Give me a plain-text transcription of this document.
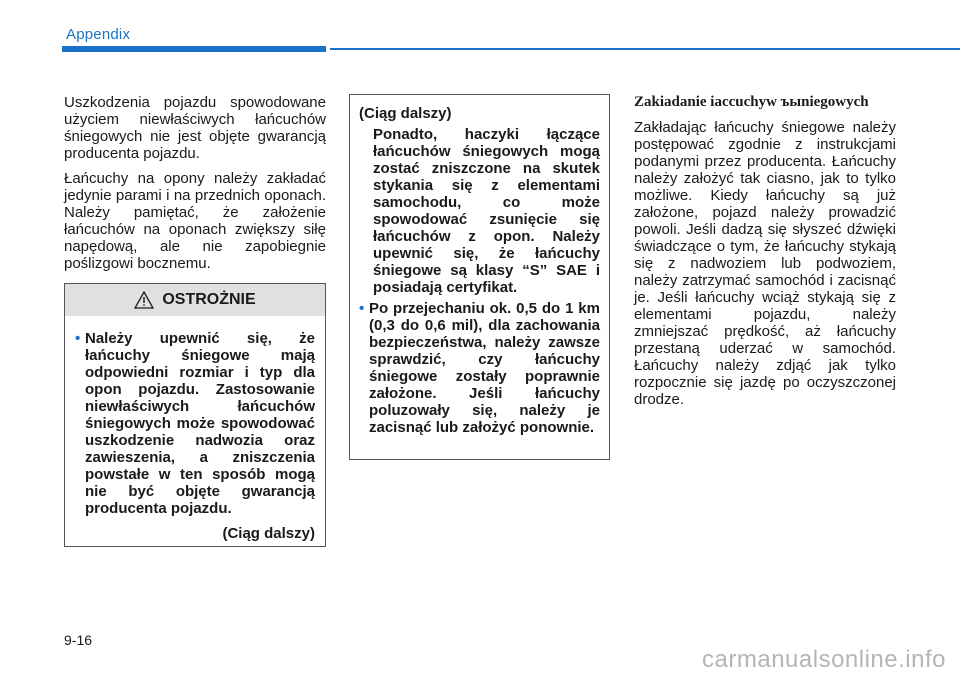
Appendix

Uszkodzenia pojazdu spowodowane użyciem niewłaściwych łańcuchów śniegowych nie jest objęte gwarancją producenta pojazdu.

Łańcuchy na opony należy zakładać jedynie parami i na przednich oponach. Należy pamiętać, że założenie łańcuchów na oponach zwiększy siłę napędową, ale nie zapobiegnie poślizgowi bocznemu.

OSTROŻNIE
• Należy upewnić się, że łańcuchy śniegowe mają odpowiedni rozmiar i typ dla opon pojazdu. Zastosowanie niewłaściwych łańcuchów śniegowych może spowodować uszkodzenie nadwozia oraz zawieszenia, a zniszczenia powstałe w ten sposób mogą nie być objęte gwarancją producenta pojazdu.
(Ciąg dalszy)
(Ciąg dalszy)
Ponadto, haczyki łączące łańcuchów śniegowych mogą zostać zniszczone na skutek stykania się z elementami samochodu, co może spowodować zsunięcie się łańcuchów z opon. Należy upewnić się, że łańcuchy śniegowe są klasy “S” SAE i posiadają certyfikat.
• Po przejechaniu ok. 0,5 do 1 km (0,3 do 0,6 mil), dla zachowania bezpieczeństwa, należy zawsze sprawdzić, czy łańcuchy śniegowe zostały poprawnie założone. Jeśli łańcuchy poluzowały się, należy je zacisnąć lub założyć ponownie.
Zakiadanie iaccuchyw ъыniegowych

Zakładając łańcuchy śniegowe należy postępować zgodnie z instrukcjami podanymi przez producenta. Łańcuchy należy założyć tak ciasno, jak to tylko możliwe. Kiedy łańcuchy są już założone, pojazd należy prowadzić powoli. Jeśli dadzą się słyszeć dźwięki świadczące o tym, że łańcuchy stykają się z nadwoziem lub podwoziem, należy zatrzymać samochód i zacisnąć je. Jeśli łańcuchy wciąż stykają się z elementami pojazdu, należy zmniejszać prędkość, aż łańcuchy przestaną uderzać w samochód. Łańcuchy należy zdjąć jak tylko rozpocznie się jazdę po oczyszczonej drodze.

9-16
carmanualsonline.info
